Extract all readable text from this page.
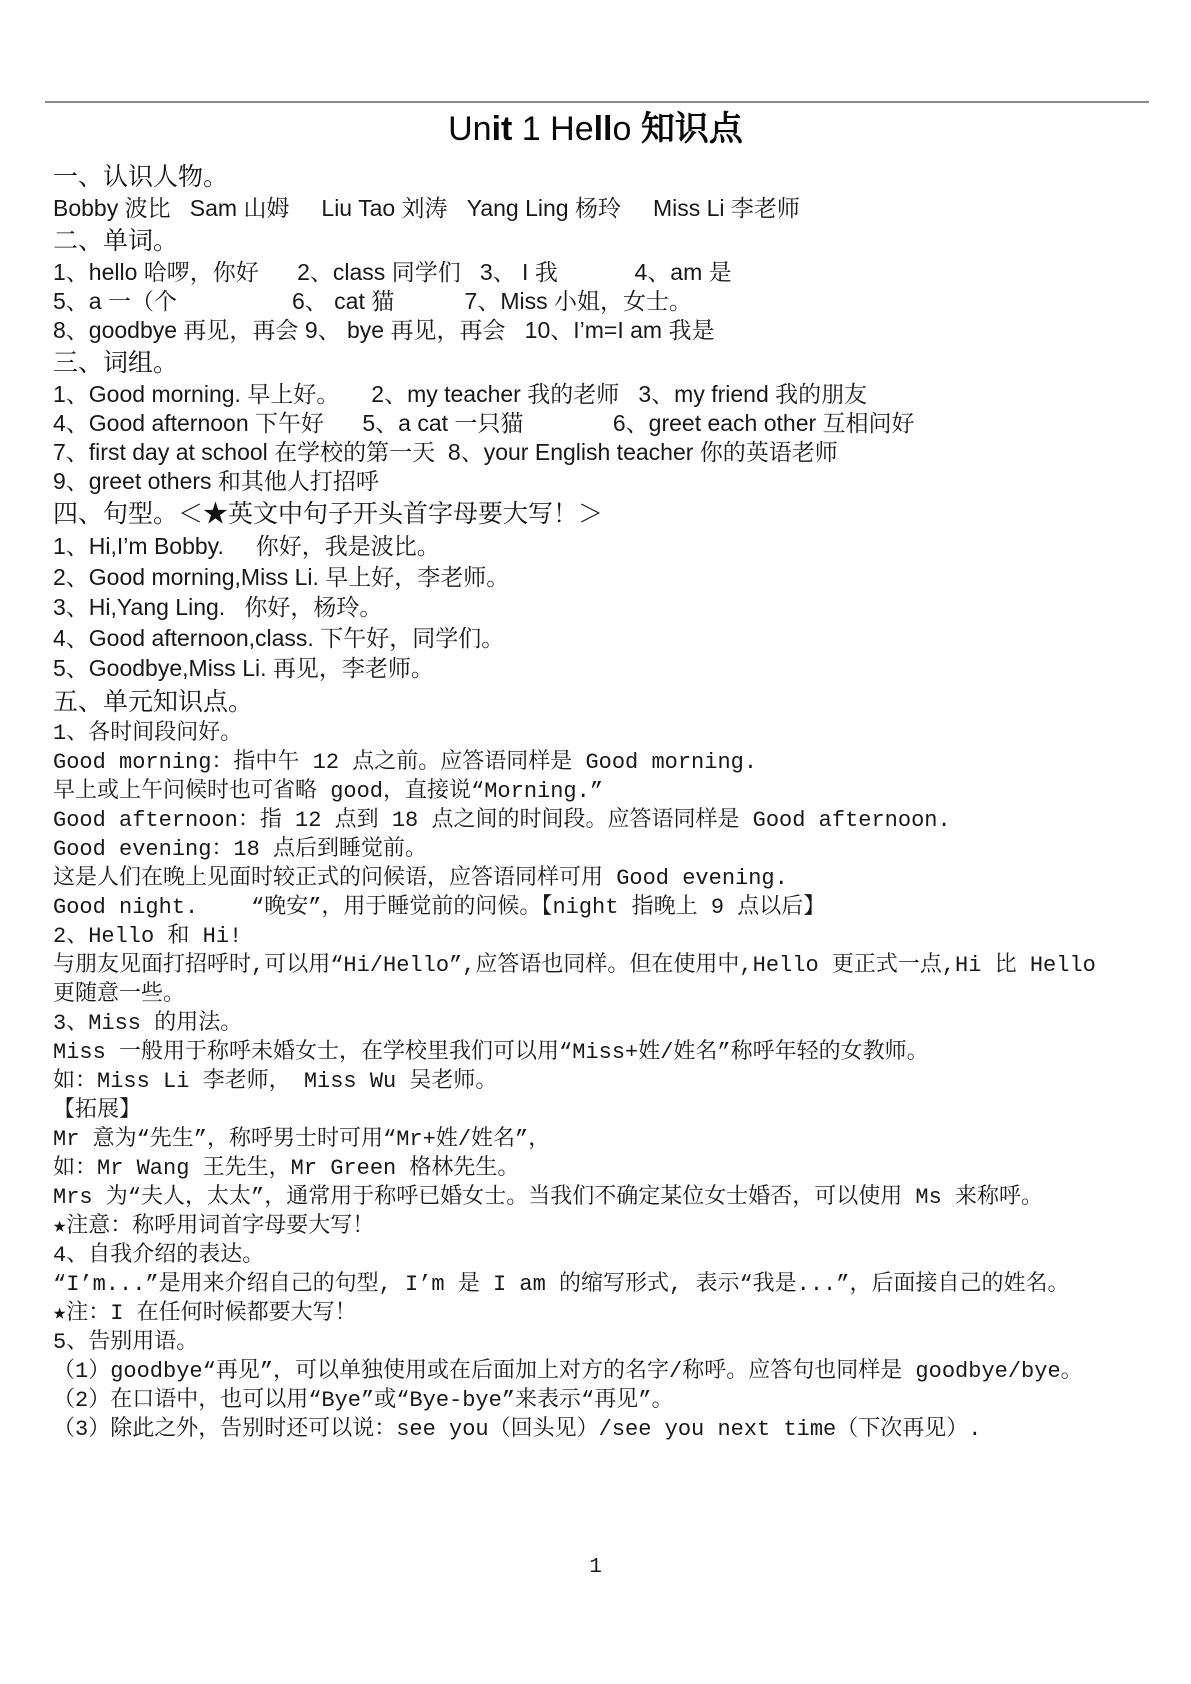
Unit 1 Hello 知识点
一、认识人物。
Bobby 波比   Sam 山姆     Liu Tao 刘涛   Yang Ling 杨玲     Miss Li 李老师
二、单词。
1、hello 哈啰，你好      2、class 同学们   3、 I 我            4、am 是
5、a 一（个                  6、 cat 猫           7、Miss 小姐，女士。
8、goodbye 再见，再会 9、 bye 再见，再会   10、I’m=I am 我是
三、词组。
1、Good morning. 早上好。     2、my teacher 我的老师   3、my friend 我的朋友
4、Good afternoon 下午好      5、a cat 一只猫              6、greet each other 互相问好
7、first day at school 在学校的第一天  8、your English teacher 你的英语老师
9、greet others 和其他人打招呼
四、句型。＜★英文中句子开头首字母要大写！＞
1、Hi,I’m Bobby.     你好，我是波比。
2、Good morning,Miss Li. 早上好，李老师。
3、Hi,Yang Ling.   你好，杨玲。
4、Good afternoon,class. 下午好，同学们。
5、Goodbye,Miss Li. 再见，李老师。
五、单元知识点。
1、各时间段问好。
Good morning：指中午 12 点之前。应答语同样是 Good morning.
早上或上午问候时也可省略 good，直接说“Morning.”
Good afternoon：指 12 点到 18 点之间的时间段。应答语同样是 Good afternoon.
Good evening：18 点后到睡觉前。
这是人们在晚上见面时较正式的问候语，应答语同样可用 Good evening.
Good night.    “晚安”，用于睡觉前的问候。【night 指晚上 9 点以后】
2、Hello 和 Hi!
与朋友见面打招呼时,可以用“Hi/Hello”,应答语也同样。但在使用中,Hello 更正式一点,Hi 比 Hello
更随意一些。
3、Miss 的用法。
Miss 一般用于称呼未婚女士，在学校里我们可以用“Miss+姓/姓名”称呼年轻的女教师。
如：Miss Li 李老师， Miss Wu 吴老师。
【拓展】
Mr 意为“先生”，称呼男士时可用“Mr+姓/姓名”，
如：Mr Wang 王先生，Mr Green 格林先生。
Mrs 为“夫人，太太”，通常用于称呼已婚女士。当我们不确定某位女士婚否，可以使用 Ms 来称呼。
★注意：称呼用词首字母要大写！
4、自我介绍的表达。
“I’m...”是用来介绍自己的句型, I’m 是 I am 的缩写形式, 表示“我是...”，后面接自己的姓名。
★注：I 在任何时候都要大写！
5、告别用语。
（1）goodbye“再见”，可以单独使用或在后面加上对方的名字/称呼。应答句也同样是 goodbye/bye。
（2）在口语中，也可以用“Bye”或“Bye-bye”来表示“再见”。
（3）除此之外，告别时还可以说：see you（回头见）/see you next time（下次再见）.
1
